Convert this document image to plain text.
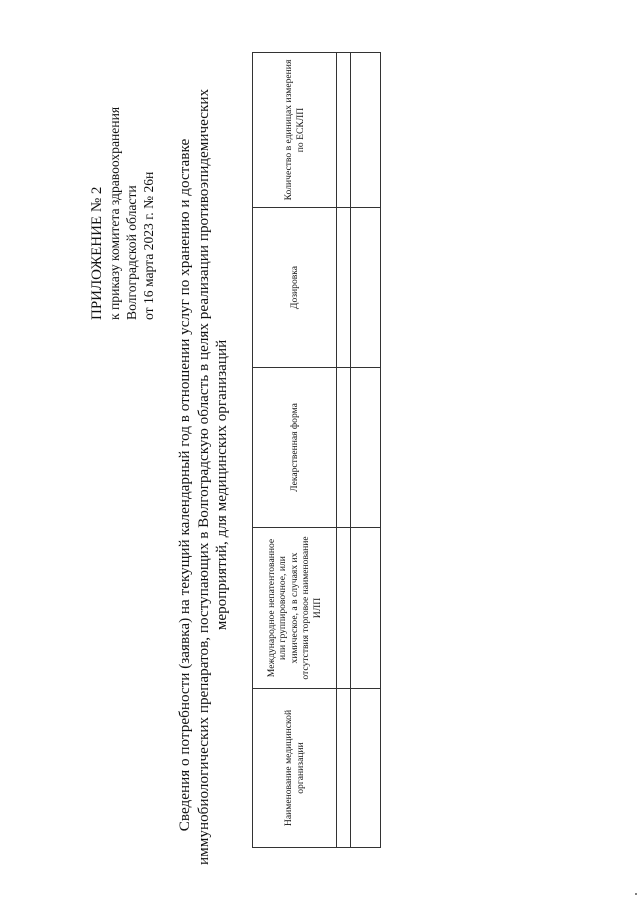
ПРИЛОЖЕНИЕ № 2 к приказу комитета здравоохранения Волгоградской области от 16 марта 2023 г. № 26н Сведения о потребности (заявка) на текущий календарный год в отношении услуг по хранению и доставке иммунобиологических препаратов, поступающих в Волгоградскую область в целях реализации противоэпидемических мероприятий, для медицинских организаций
Наименование медицинской организации	Международное непатентованное или группировочное, или химическое, а в случаях их отсутствия торговое наименование ИЛП	Лекарственная форма	Дозировка	Количество в единицах измерения по ЕСКЛП
